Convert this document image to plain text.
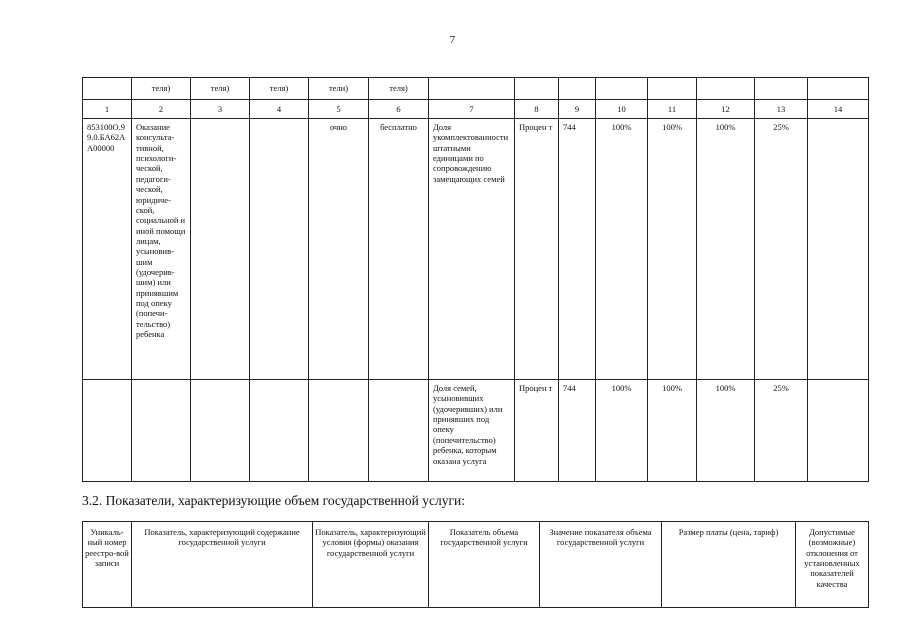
7
	теля)	теля)	теля)	тели)	теля)								
1	2	3	4	5	6	7	8	9	10	11	12	13	14
853100О.99.0.БА62АА00000	Оказание консульта-тивной, психологи-ческой, педагоги-ческой, юридиче-ской, социальной и иной помощи лицам, усыновив-шим (удочерив-шим) или принявшим под опеку (попечи-тельство) ребенка			очно	бесплатно	Доля укомплектованности штатными единицами по сопровождению замещающих семей	Процен т	744	100%	100%	100%	25%	
						Доля семей, усыновивших (удочеривших) или принявших под опеку (попечительство) ребенка, которым оказана услуга	Процен т	744	100%	100%	100%	25%	
3.2. Показатели, характеризующие объем государственной услуги:
Уникаль-ный номер реестро-вой записи	Показатель, характеризующий содержание государственной услуги	Показатель, характеризующий условия (формы) оказания государственной услуги	Показатель объема государственной услуги	Значение показателя объема государственной услуги	Размер платы (цена, тариф)	Допустимые (возможные) отклонения от установленных показателей качества
